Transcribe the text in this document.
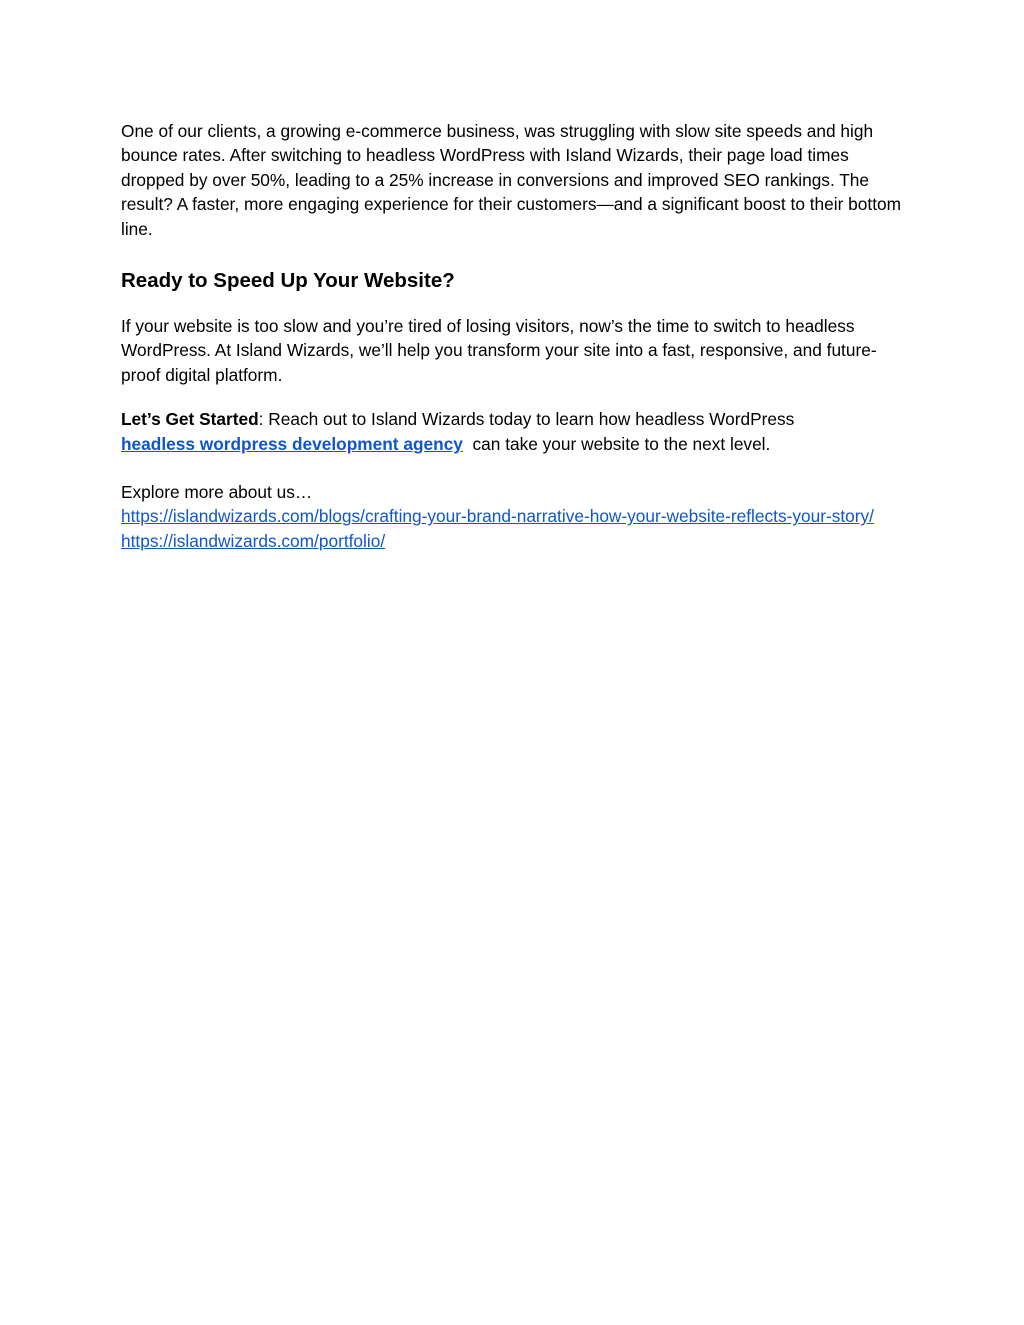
One of our clients, a growing e-commerce business, was struggling with slow site speeds and high bounce rates. After switching to headless WordPress with Island Wizards, their page load times dropped by over 50%, leading to a 25% increase in conversions and improved SEO rankings. The result? A faster, more engaging experience for their customers—and a significant boost to their bottom line.

Ready to Speed Up Your Website?

If your website is too slow and you’re tired of losing visitors, now’s the time to switch to headless WordPress. At Island Wizards, we’ll help you transform your site into a fast, responsive, and future-proof digital platform.

Let’s Get Started: Reach out to Island Wizards today to learn how headless WordPress
headless wordpress development agency  can take your website to the next level.

Explore more about us…
https://islandwizards.com/blogs/crafting-your-brand-narrative-how-your-website-reflects-your-story/
https://islandwizards.com/portfolio/
